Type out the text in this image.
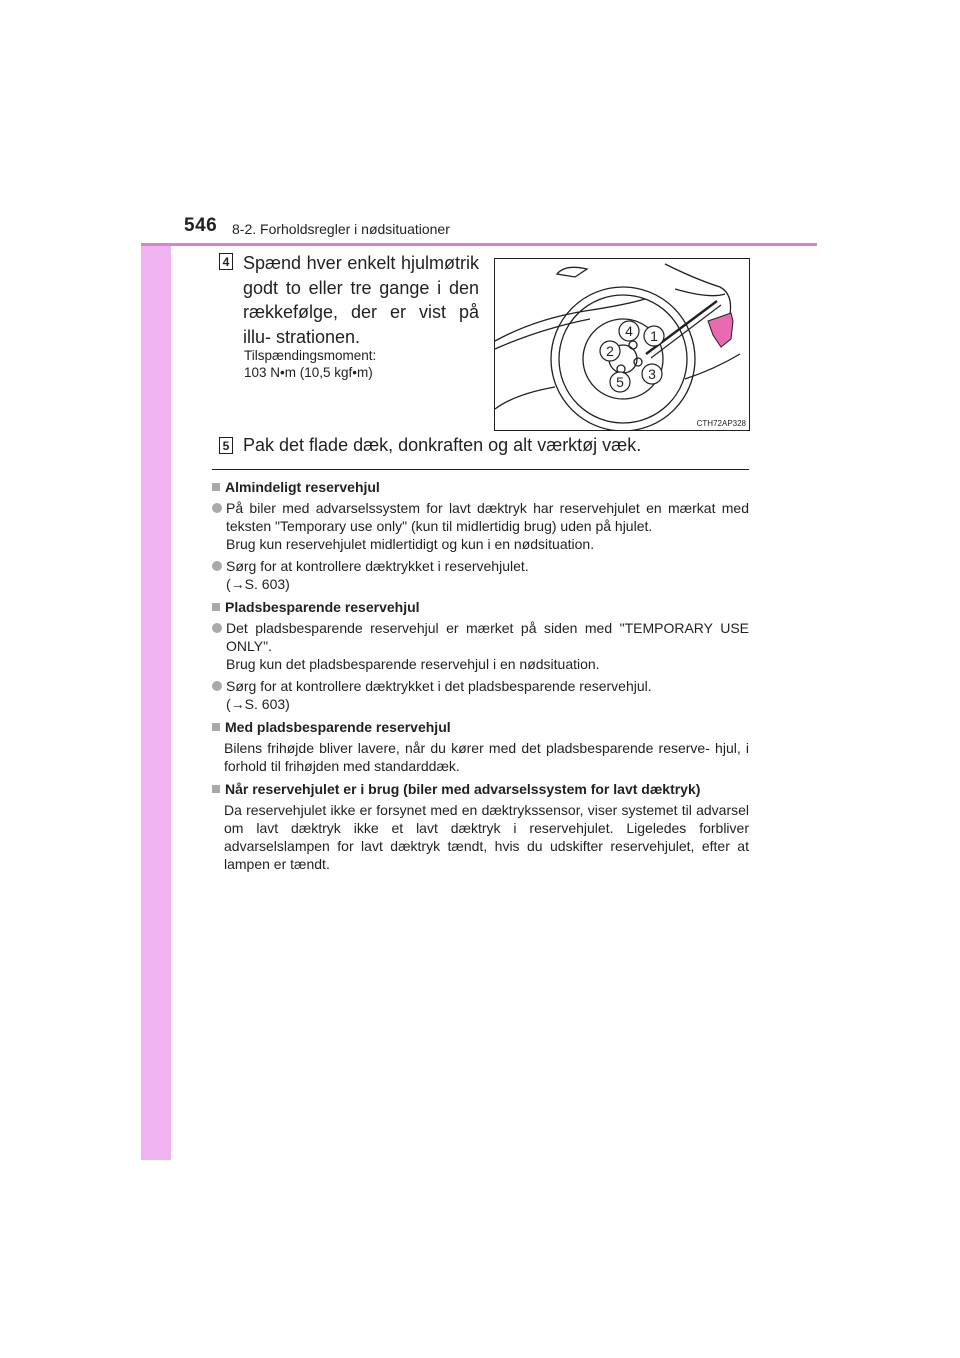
546 8-2. Forholdsregler i nødsituationer
4 Spænd hver enkelt hjulmøtrik godt to eller tre gange i den rækkefølge, der er vist på illu- strationen.
Tilspændingsmoment:
103 N•m (10,5 kgf•m)
1
2
3
4
5
CTH72AP328
5 Pak det flade dæk, donkraften og alt værktøj væk.
Almindeligt reservehjul
På biler med advarselssystem for lavt dæktryk har reservehjulet en mærkat med teksten "Temporary use only" (kun til midlertidig brug) uden på hjulet.
Brug kun reservehjulet midlertidigt og kun i en nødsituation.
Sørg for at kontrollere dæktrykket i reservehjulet.
(→S. 603)
Pladsbesparende reservehjul
Det pladsbesparende reservehjul er mærket på siden med "TEMPORARY USE ONLY".
Brug kun det pladsbesparende reservehjul i en nødsituation.
Sørg for at kontrollere dæktrykket i det pladsbesparende reservehjul.
(→S. 603)
Med pladsbesparende reservehjul
Bilens frihøjde bliver lavere, når du kører med det pladsbesparende reserve- hjul, i forhold til frihøjden med standarddæk.
Når reservehjulet er i brug (biler med advarselssystem for lavt dæktryk)
Da reservehjulet ikke er forsynet med en dæktrykssensor, viser systemet til advarsel om lavt dæktryk ikke et lavt dæktryk i reservehjulet. Ligeledes forbliver advarselslampen for lavt dæktryk tændt, hvis du udskifter reservehjulet, efter at lampen er tændt.
